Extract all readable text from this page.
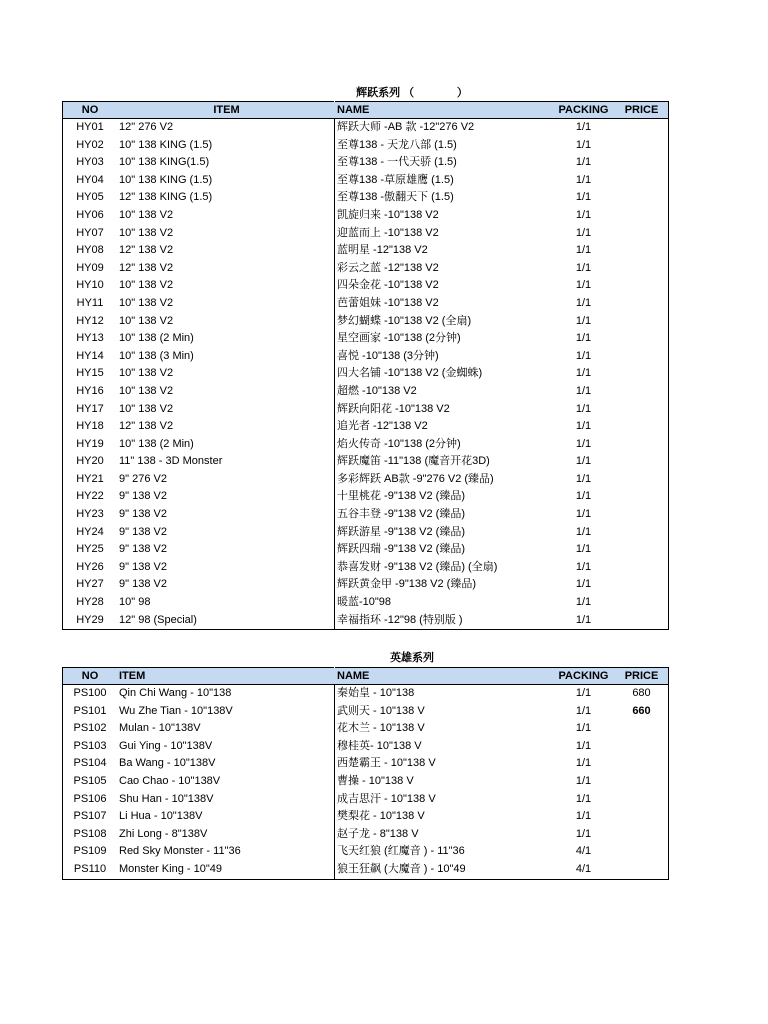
辉跃系列 （              ）
NO	ITEM	NAME	PACKING	PRICE
HY01	12" 276 V2	辉跃大师 -AB 款 -12"276 V2	1/1	
HY02	10" 138 KING (1.5)	至尊138 - 天龙八部 (1.5)	1/1	
HY03	10" 138 KING(1.5)	至尊138 - 一代天骄 (1.5)	1/1	
HY04	10" 138 KING (1.5)	至尊138 -草原雄鹰 (1.5)	1/1	
HY05	12" 138 KING (1.5)	至尊138 -傲翻天下 (1.5)	1/1	
HY06	10" 138 V2	凯旋归来 -10"138 V2	1/1	
HY07	10" 138 V2	迎蓝而上 -10"138 V2	1/1	
HY08	12" 138 V2	蓝明星 -12"138 V2	1/1	
HY09	12" 138 V2	彩云之蓝 -12"138 V2	1/1	
HY10	10" 138 V2	四朵金花 -10"138 V2	1/1	
HY11	10" 138 V2	芭蕾姐妹 -10"138 V2	1/1	
HY12	10" 138 V2	梦幻蝴蝶 -10"138 V2 (全扇)	1/1	
HY13	10" 138 (2 Min)	星空画家 -10"138 (2分钟)	1/1	
HY14	10" 138 (3 Min)	喜悦 -10"138 (3分钟)	1/1	
HY15	10" 138 V2	四大名铺 -10"138 V2 (金蜘蛛)	1/1	
HY16	10" 138 V2	超燃 -10"138 V2	1/1	
HY17	10" 138 V2	辉跃向阳花 -10"138 V2	1/1	
HY18	12" 138 V2	追光者 -12"138 V2	1/1	
HY19	10" 138 (2 Min)	焰火传奇 -10"138 (2分钟)	1/1	
HY20	11" 138 - 3D Monster	辉跃魔笛 -11"138 (魔音开花3D)	1/1	
HY21	9" 276 V2	多彩辉跃 AB款 -9"276 V2 (臻品)	1/1	
HY22	9" 138 V2	十里桃花 -9"138 V2 (臻品)	1/1	
HY23	9" 138 V2	五谷丰登 -9"138 V2 (臻品)	1/1	
HY24	9" 138 V2	辉跃游星 -9"138 V2 (臻品)	1/1	
HY25	9" 138 V2	辉跃四瑞 -9"138 V2 (臻品)	1/1	
HY26	9" 138 V2	恭喜发财 -9"138 V2 (臻品) (全扇)	1/1	
HY27	9" 138 V2	辉跃黄金甲 -9"138 V2 (臻品)	1/1	
HY28	10" 98	暖蓝-10"98	1/1	
HY29	12" 98 (Special)	幸福指环 -12"98 (特别版 )	1/1	
英雄系列
NO	ITEM	NAME	PACKING	PRICE
PS100	Qin Chi Wang - 10"138	秦始皇 - 10"138	1/1	680
PS101	Wu Zhe Tian - 10"138V	武则天 - 10"138 V	1/1	660
PS102	Mulan - 10"138V	花木兰 - 10"138 V	1/1	
PS103	Gui Ying - 10"138V	穆桂英- 10"138 V	1/1	
PS104	Ba Wang - 10"138V	西楚霸王 - 10"138 V	1/1	
PS105	Cao Chao - 10"138V	曹操 - 10"138 V	1/1	
PS106	Shu Han - 10"138V	成吉思汗 - 10"138 V	1/1	
PS107	Li Hua - 10"138V	樊梨花 - 10"138 V	1/1	
PS108	Zhi Long - 8"138V	赵子龙 - 8"138 V	1/1	
PS109	Red Sky Monster - 11"36	飞天红狼 (红魔音 ) - 11"36	4/1	
PS110	Monster King - 10"49	狼王狂飙 (大魔音 ) - 10"49	4/1	
